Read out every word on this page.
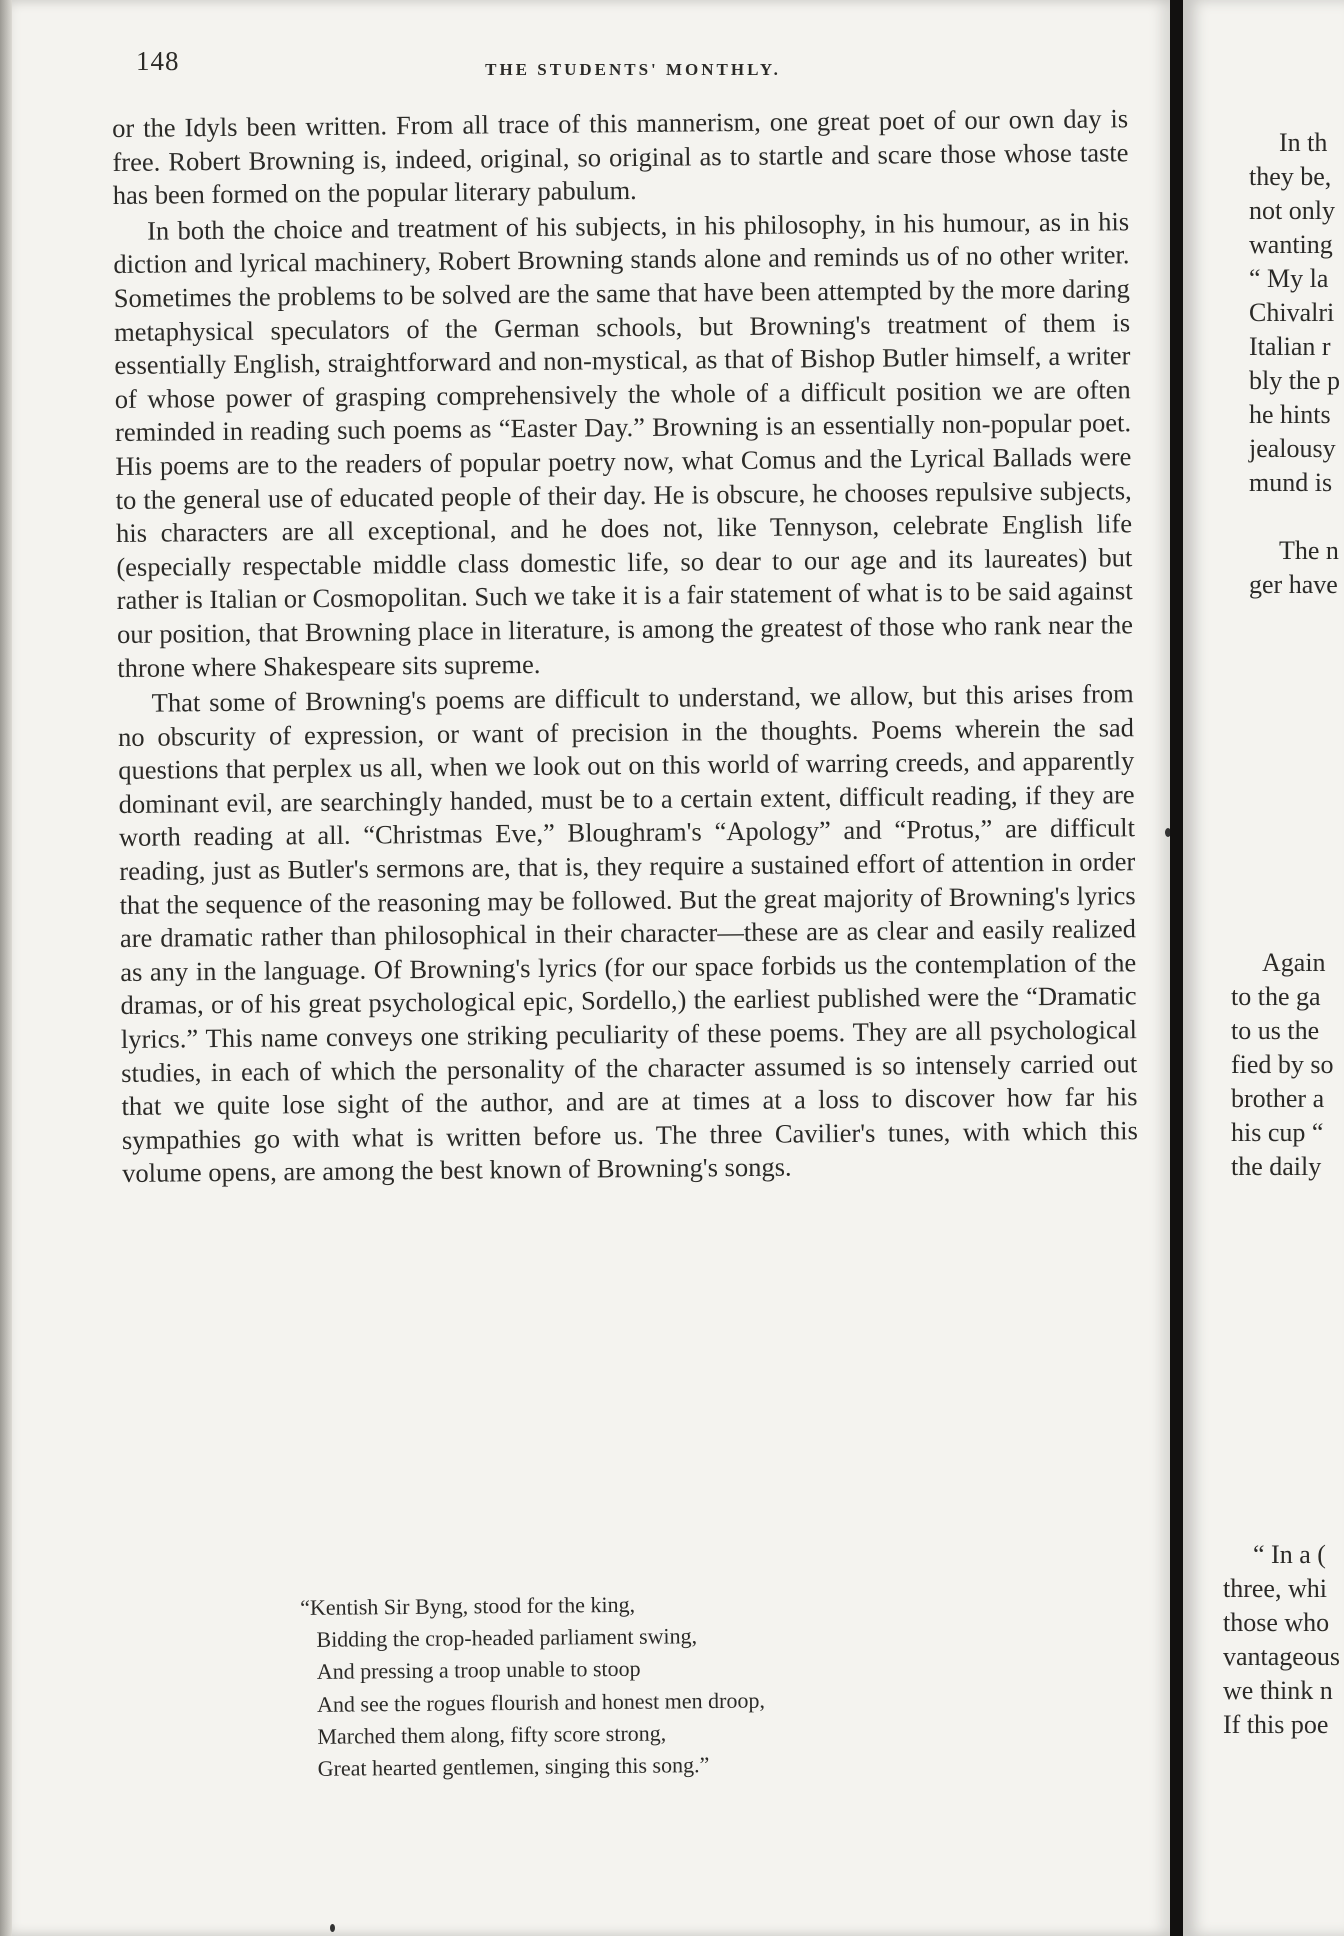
148	THE STUDENTS' MONTHLY.

or the Idyls been written. From all trace of this mannerism, one great poet of our own day is free. Robert Browning is, indeed, original, so original as to startle and scare those whose taste has been formed on the popular literary pabulum.

In both the choice and treatment of his subjects, in his philosophy, in his humour, as in his diction and lyrical machinery, Robert Browning stands alone and reminds us of no other writer. Sometimes the problems to be solved are the same that have been attempted by the more daring metaphysical speculators of the German schools, but Browning's treatment of them is essentially English, straightforward and non-mystical, as that of Bishop Butler himself, a writer of whose power of grasping comprehensively the whole of a difficult position we are often reminded in reading such poems as “Easter Day.” Browning is an essentially non-popular poet. His poems are to the readers of popular poetry now, what Comus and the Lyrical Ballads were to the general use of educated people of their day. He is obscure, he chooses repulsive subjects, his characters are all exceptional, and he does not, like Tennyson, celebrate English life (especially respectable middle class domestic life, so dear to our age and its laureates) but rather is Italian or Cosmopolitan. Such we take it is a fair statement of what is to be said against our position, that Browning place in literature, is among the greatest of those who rank near the throne where Shakespeare sits supreme.

That some of Browning's poems are difficult to understand, we allow, but this arises from no obscurity of expression, or want of precision in the thoughts. Poems wherein the sad questions that perplex us all, when we look out on this world of warring creeds, and apparently dominant evil, are searchingly handed, must be to a certain extent, difficult reading, if they are worth reading at all. “Christmas Eve,” Bloughram's “Apology” and “Protus,” are difficult reading, just as Butler's sermons are, that is, they require a sustained effort of attention in order that the sequence of the reasoning may be followed. But the great majority of Browning's lyrics are dramatic rather than philosophical in their character—these are as clear and easily realized as any in the language. Of Browning's lyrics (for our space forbids us the contemplation of the dramas, or of his great psychological epic, Sordello,) the earliest published were the “Dramatic lyrics.” This name conveys one striking peculiarity of these poems. They are all psychological studies, in each of which the personality of the character assumed is so intensely carried out that we quite lose sight of the author, and are at times at a loss to discover how far his sympathies go with what is written before us. The three Cavilier's tunes, with which this volume opens, are among the best known of Browning's songs.

“Kentish Sir Byng, stood for the king,
Bidding the crop-headed parliament swing,
And pressing a troop unable to stoop
And see the rogues flourish and honest men droop,
Marched them along, fifty score strong,
Great hearted gentlemen, singing this song.”
In th
they be,
not only
wanting
“ My la
Chivalri
Italian r
bly the p
he hints
jealousy
mund is
The n
ger have
Again
to the ga
to us the
fied by so
brother a
his cup “
the daily
“ In a (
three, whi
those who
vantageous
we think n
If this poe
